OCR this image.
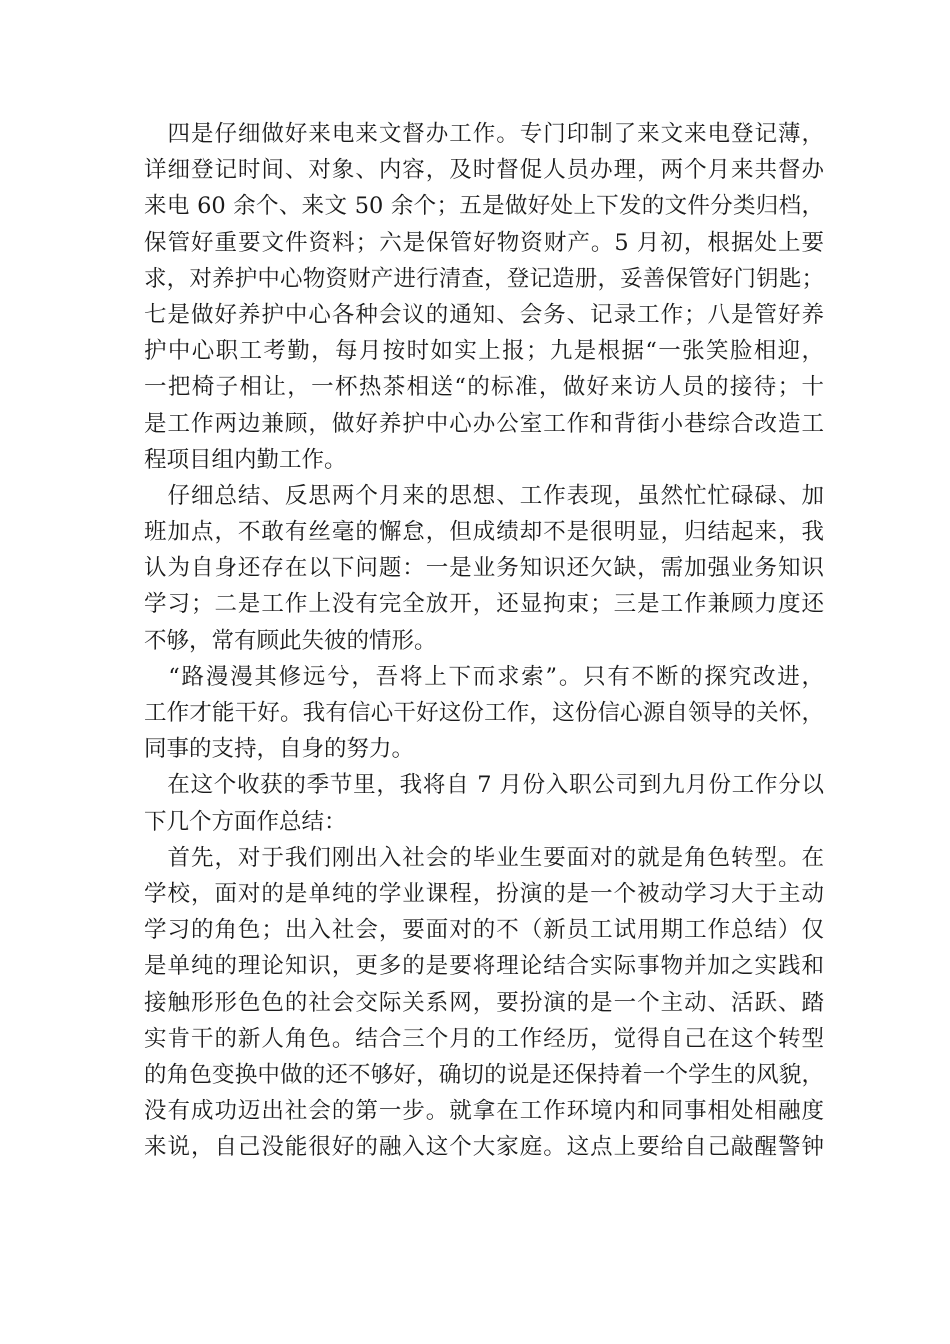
　四是仔细做好来电来文督办工作。专门印制了来文来电登记薄，
详细登记时间、对象、内容，及时督促人员办理，两个月来共督办
来电 60 余个、来文 50 余个；五是做好处上下发的文件分类归档，
保管好重要文件资料；六是保管好物资财产。5 月初，根据处上要
求，对养护中心物资财产进行清查，登记造册，妥善保管好门钥匙；
七是做好养护中心各种会议的通知、会务、记录工作；八是管好养
护中心职工考勤，每月按时如实上报；九是根据“一张笑脸相迎，
一把椅子相让，一杯热茶相送“的标准，做好来访人员的接待；十
是工作两边兼顾，做好养护中心办公室工作和背街小巷综合改造工
程项目组内勤工作。

　仔细总结、反思两个月来的思想、工作表现，虽然忙忙碌碌、加
班加点，不敢有丝毫的懈怠，但成绩却不是很明显，归结起来，我
认为自身还存在以下问题：一是业务知识还欠缺，需加强业务知识
学习；二是工作上没有完全放开，还显拘束；三是工作兼顾力度还
不够，常有顾此失彼的情形。

　“路漫漫其修远兮，吾将上下而求索”。只有不断的探究改进，
工作才能干好。我有信心干好这份工作，这份信心源自领导的关怀，
同事的支持，自身的努力。

　在这个收获的季节里，我将自 7 月份入职公司到九月份工作分以
下几个方面作总结：

　首先，对于我们刚出入社会的毕业生要面对的就是角色转型。在
学校，面对的是单纯的学业课程，扮演的是一个被动学习大于主动
学习的角色；出入社会，要面对的不（新员工试用期工作总结）仅
是单纯的理论知识，更多的是要将理论结合实际事物并加之实践和
接触形形色色的社会交际关系网，要扮演的是一个主动、活跃、踏
实肯干的新人角色。结合三个月的工作经历，觉得自己在这个转型
的角色变换中做的还不够好，确切的说是还保持着一个学生的风貌，
没有成功迈出社会的第一步。就拿在工作环境内和同事相处相融度
来说，自己没能很好的融入这个大家庭。这点上要给自己敲醒警钟
